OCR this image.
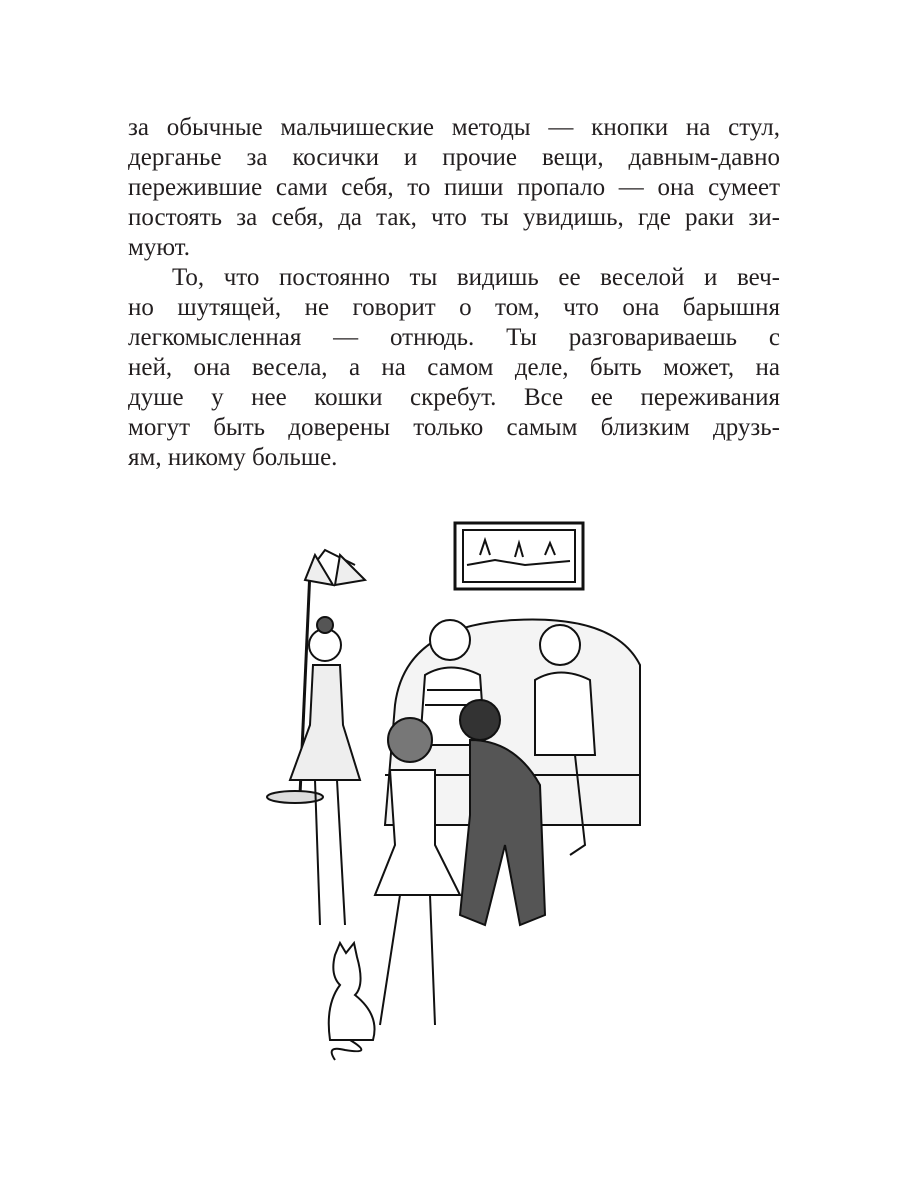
за обычные мальчишеские методы — кнопки на стул,
дерганье за косички и прочие вещи, давным-давно
пережившие сами себя, то пиши пропало — она сумеет
постоять за себя, да так, что ты увидишь, где раки зи-
муют.
То, что постоянно ты видишь ее веселой и веч-
но шутящей, не говорит о том, что она барышня
легкомысленная — отнюдь. Ты разговариваешь с
ней, она весела, а на самом деле, быть может, на
душе у нее кошки скребут. Все ее переживания
могут быть доверены только самым близким друзь-
ям, никому больше.
